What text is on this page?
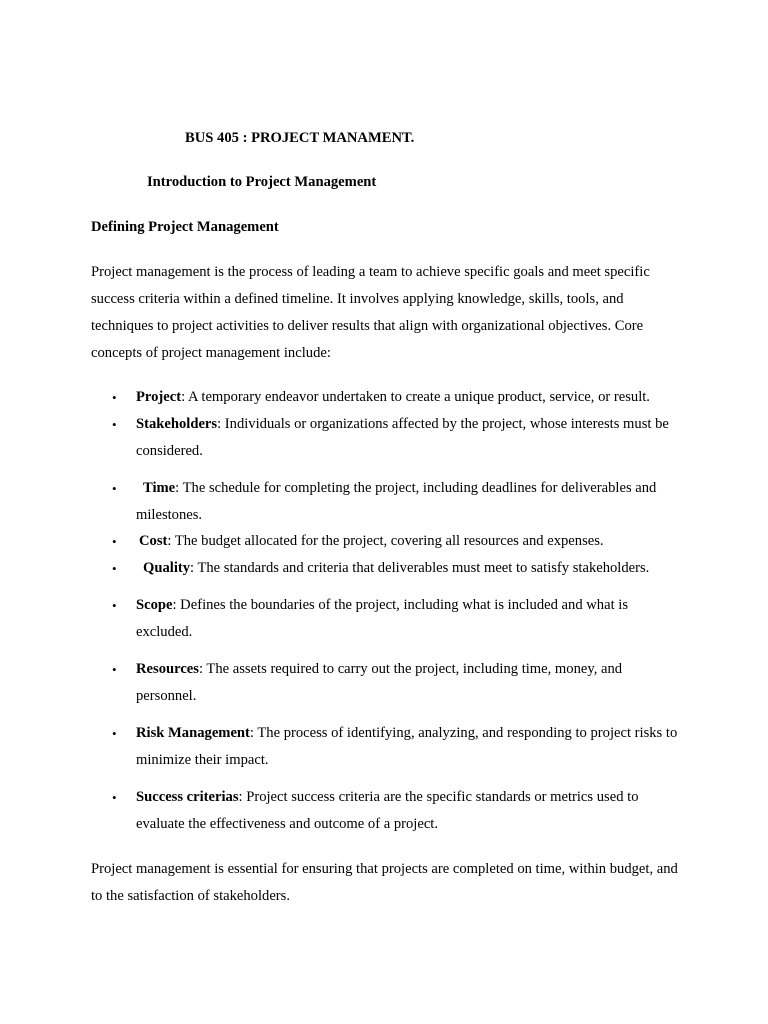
BUS 405 : PROJECT MANAMENT.
Introduction to Project Management
Defining Project Management

Project management is the process of leading a team to achieve specific goals and meet specific success criteria within a defined timeline. It involves applying knowledge, skills, tools, and techniques to project activities to deliver results that align with organizational objectives. Core concepts of project management include:

• Project: A temporary endeavor undertaken to create a unique product, service, or result.
• Stakeholders: Individuals or organizations affected by the project, whose interests must be considered.
• Time: The schedule for completing the project, including deadlines for deliverables and milestones.
• Cost: The budget allocated for the project, covering all resources and expenses.
• Quality: The standards and criteria that deliverables must meet to satisfy stakeholders.
• Scope: Defines the boundaries of the project, including what is included and what is excluded.
• Resources: The assets required to carry out the project, including time, money, and personnel.
• Risk Management: The process of identifying, analyzing, and responding to project risks to minimize their impact.
• Success criterias: Project success criteria are the specific standards or metrics used to evaluate the effectiveness and outcome of a project.

Project management is essential for ensuring that projects are completed on time, within budget, and to the satisfaction of stakeholders.
